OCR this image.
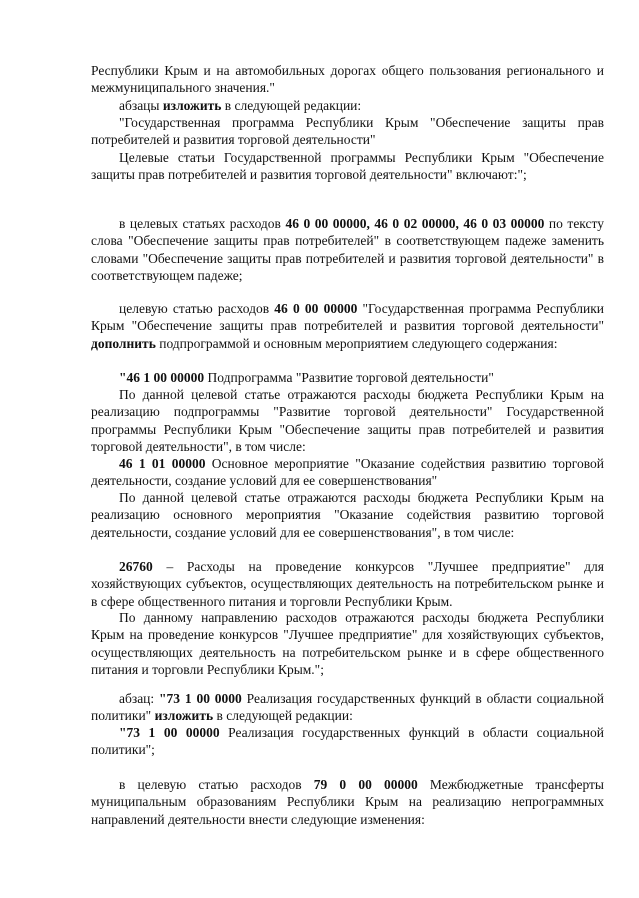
Республики Крым и на автомобильных дорогах общего пользования регионального и межмуниципального значения."

абзацы изложить в следующей редакции:

"Государственная программа Республики Крым "Обеспечение защиты прав потребителей и развития торговой деятельности"

Целевые статьи Государственной программы Республики Крым "Обеспечение защиты прав потребителей и развития торговой деятельности" включают:";

в целевых статьях расходов 46 0 00 00000, 46 0 02 00000, 46 0 03 00000 по тексту слова "Обеспечение защиты прав потребителей" в соответствующем падеже заменить словами "Обеспечение защиты прав потребителей и развития торговой деятельности" в соответствующем падеже;

целевую статью расходов 46 0 00 00000 "Государственная программа Республики Крым "Обеспечение защиты прав потребителей и развития торговой деятельности" дополнить подпрограммой и основным мероприятием следующего содержания:

"46 1 00 00000 Подпрограмма "Развитие торговой деятельности"

По данной целевой статье отражаются расходы бюджета Республики Крым на реализацию подпрограммы "Развитие торговой деятельности" Государственной программы Республики Крым "Обеспечение защиты прав потребителей и развития торговой деятельности", в том числе:

46 1 01 00000 Основное мероприятие "Оказание содействия развитию торговой деятельности, создание условий для ее совершенствования"

По данной целевой статье отражаются расходы бюджета Республики Крым на реализацию основного мероприятия "Оказание содействия развитию торговой деятельности, создание условий для ее совершенствования", в том числе:

26760 – Расходы на проведение конкурсов "Лучшее предприятие" для хозяйствующих субъектов, осуществляющих деятельность на потребительском рынке и в сфере общественного питания и торговли Республики Крым.

По данному направлению расходов отражаются расходы бюджета Республики Крым на проведение конкурсов "Лучшее предприятие" для хозяйствующих субъектов, осуществляющих деятельность на потребительском рынке и в сфере общественного питания и торговли Республики Крым.";

абзац: "73 1 00 0000 Реализация государственных функций в области социальной политики" изложить в следующей редакции:

"73 1 00 00000 Реализация государственных функций в области социальной политики";

в целевую статью расходов 79 0 00 00000 Межбюджетные трансферты муниципальным образованиям Республики Крым на реализацию непрограммных направлений деятельности внести следующие изменения:
